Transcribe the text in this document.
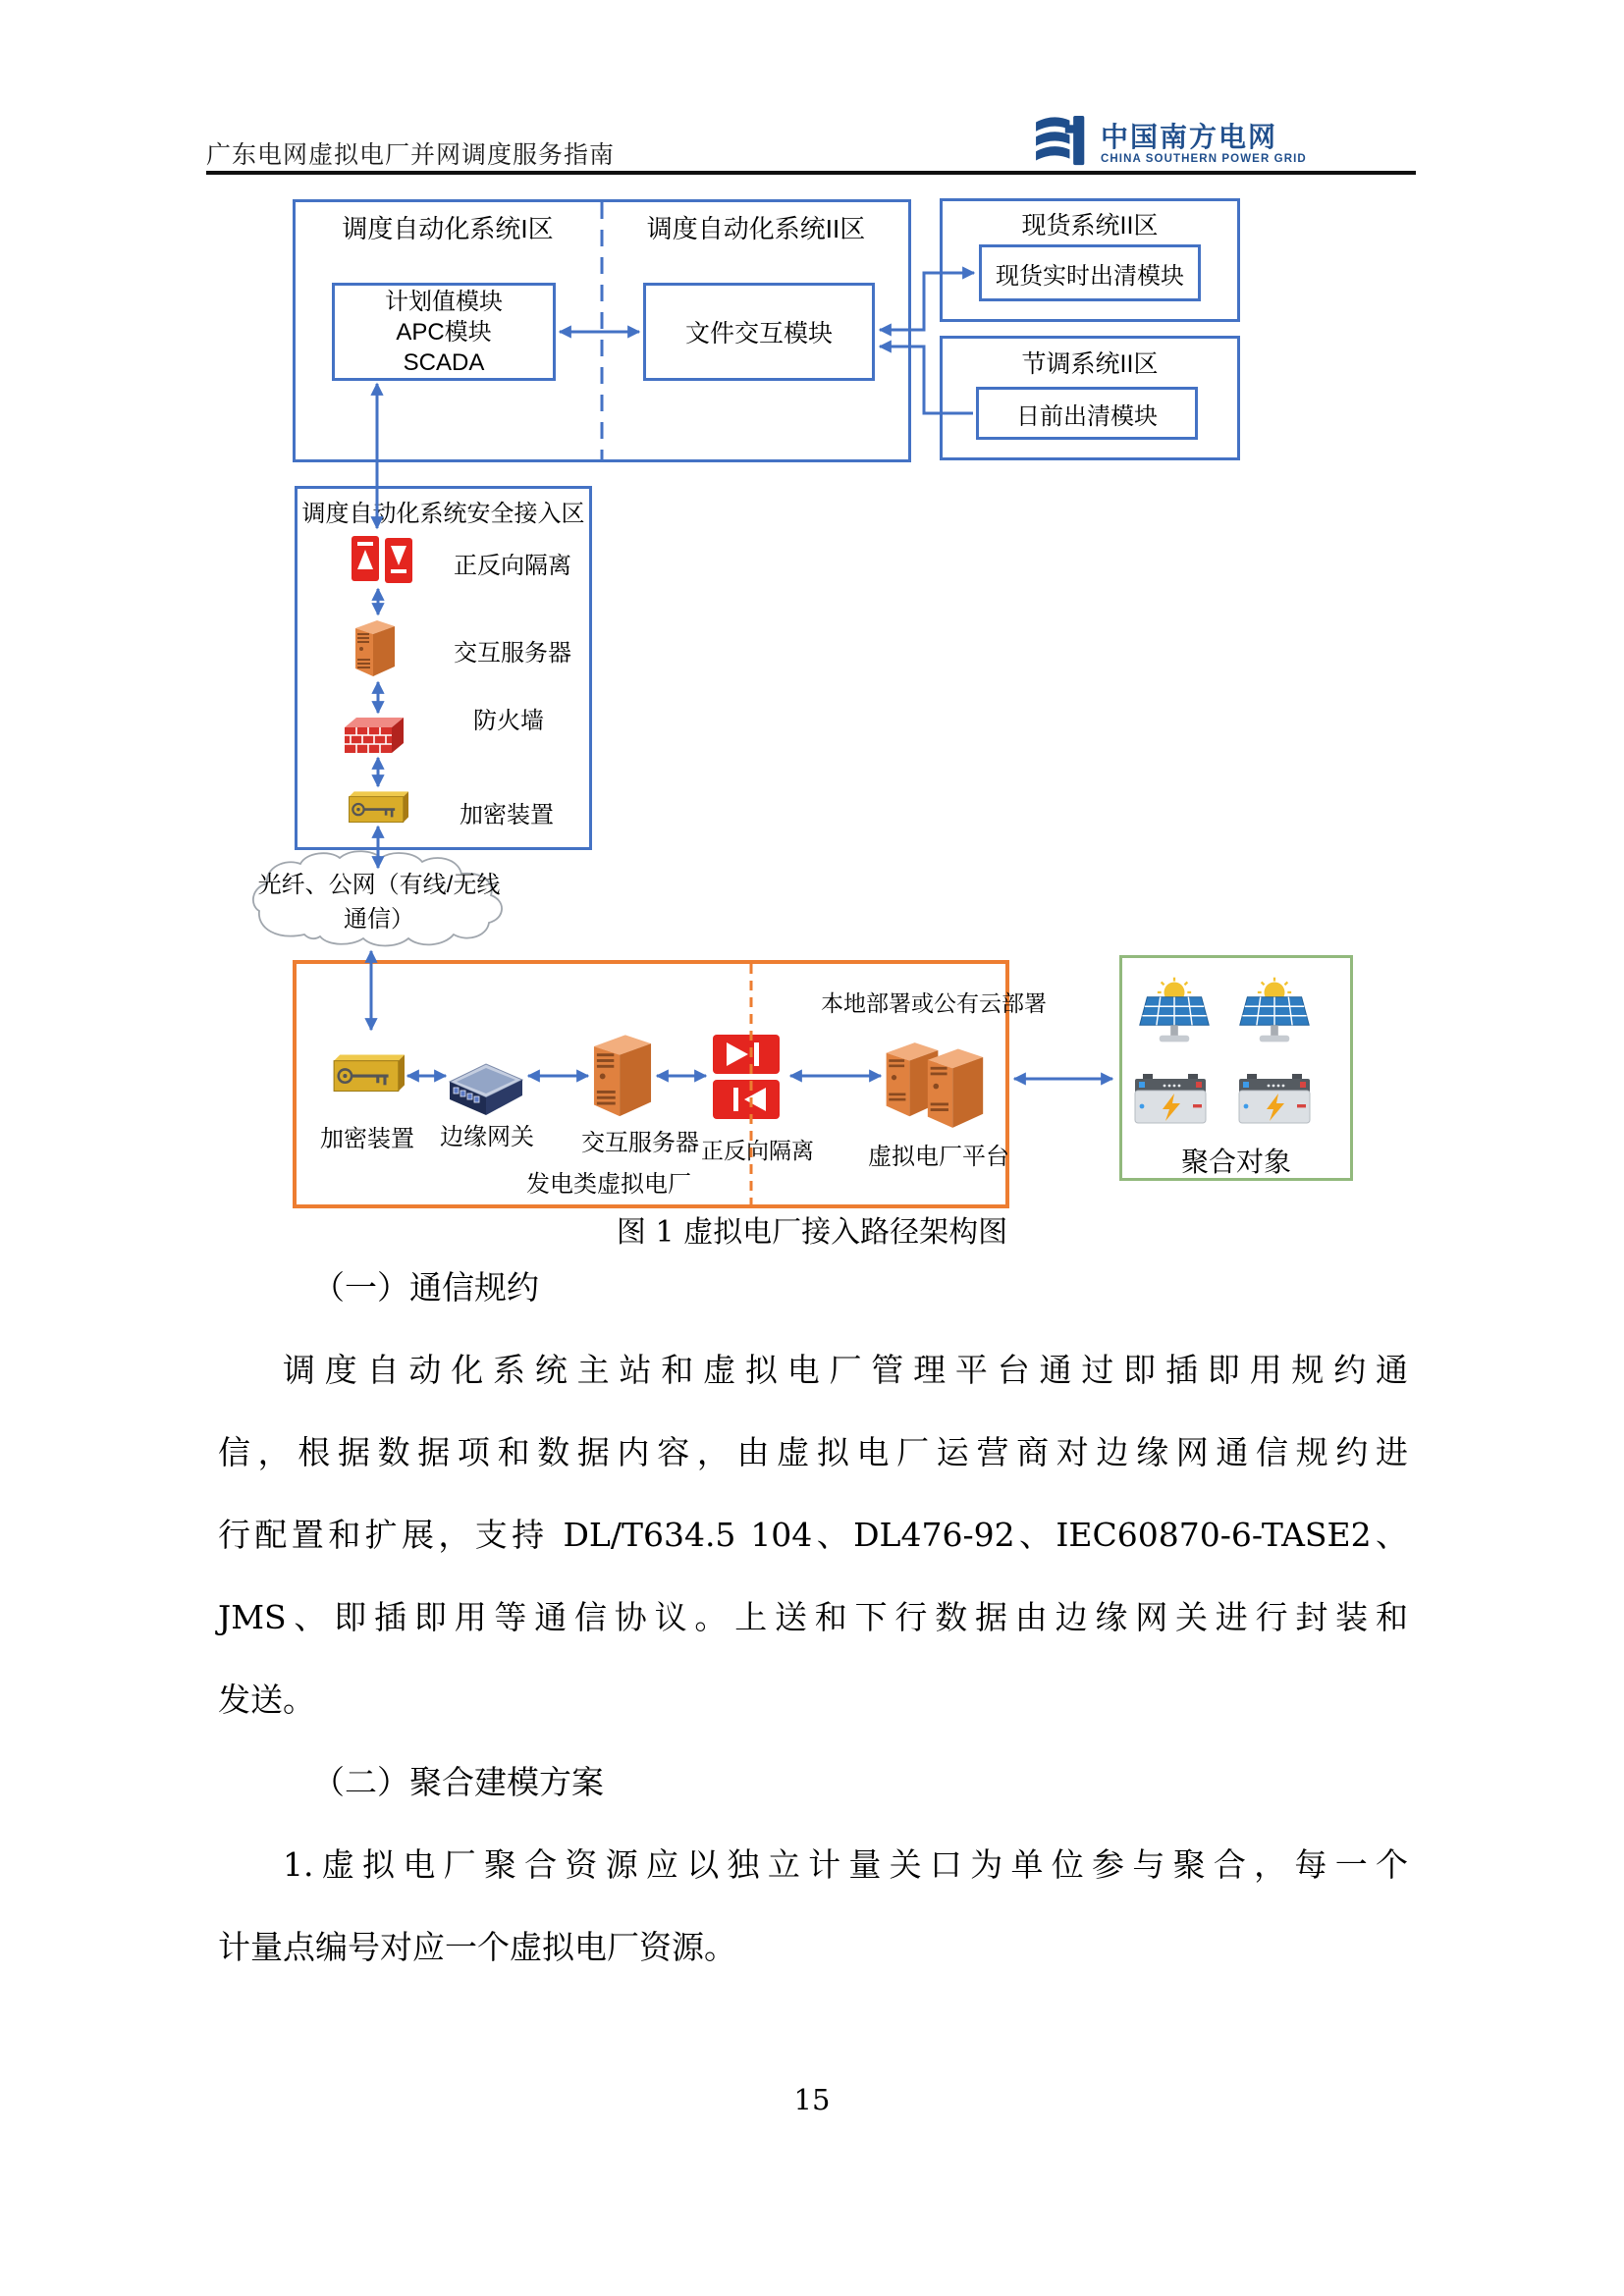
广东电网虚拟电厂并网调度服务指南
中国南方电网
CHINA SOUTHERN POWER GRID
调度自动化系统I区	调度自动化系统II区
计划值模块
APC模块
SCADA
文件交互模块
现货系统II区
现货实时出清模块
节调系统II区
日前出清模块
调度自动化系统安全接入区
正反向隔离
交互服务器
防火墙
加密装置
光纤、公网（有线/无线
通信）
本地部署或公有云部署
加密装置 边缘网关 交互服务器 正反向隔离 虚拟电厂平台
发电类虚拟电厂
聚合对象
图 1 虚拟电厂接入路径架构图
（一）通信规约
调度自动化系统主站和虚拟电厂管理平台通过即插即用规约通
信，根据数据项和数据内容，由虚拟电厂运营商对边缘网通信规约进
行配置和扩展，支持 DL/T634.5 104、DL476-92、IEC60870-6-TASE2、
JMS、即插即用等通信协议。上送和下行数据由边缘网关进行封装和
发送。
（二）聚合建模方案
1.虚拟电厂聚合资源应以独立计量关口为单位参与聚合，每一个
计量点编号对应一个虚拟电厂资源。
15
